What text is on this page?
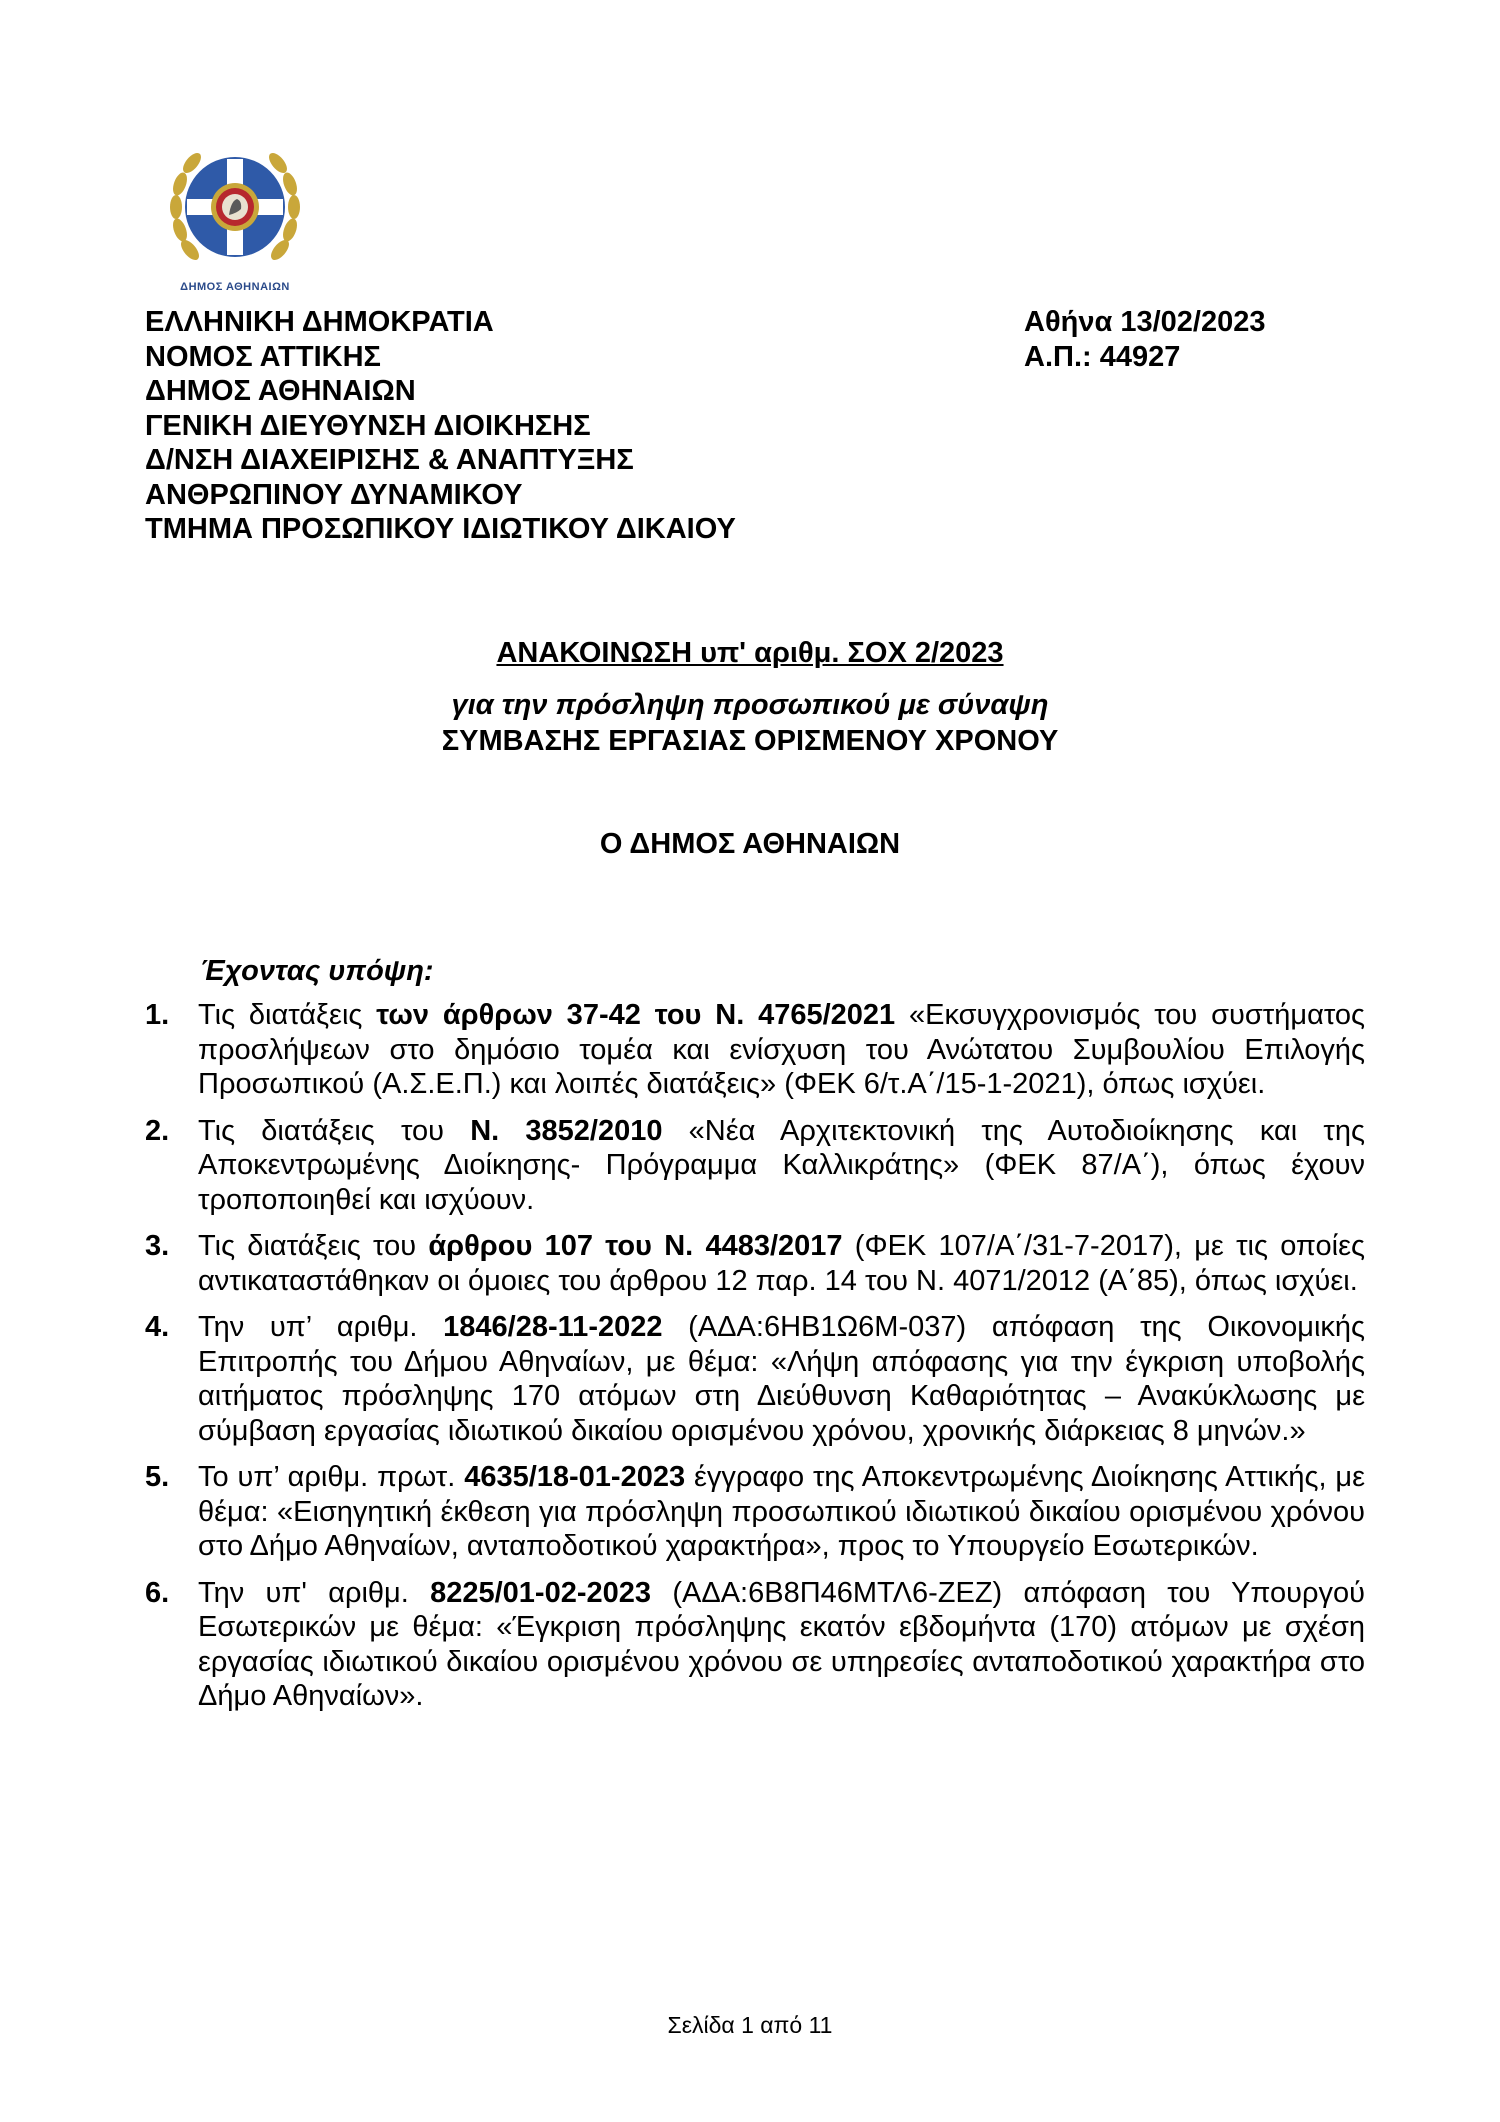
ΔΗΜΟΣ ΑΘΗΝΑΙΩΝ
ΕΛΛΗΝΙΚΗ ΔΗΜΟΚΡΑΤΙΑ
ΝΟΜΟΣ ΑΤΤΙΚΗΣ
ΔΗΜΟΣ ΑΘΗΝΑΙΩΝ
ΓΕΝΙΚΗ ΔΙΕΥΘΥΝΣΗ ΔΙΟΙΚΗΣΗΣ
Δ/ΝΣΗ ΔΙΑΧΕΙΡΙΣΗΣ & ΑΝΑΠΤΥΞΗΣ
ΑΝΘΡΩΠΙΝΟΥ ΔΥΝΑΜΙΚΟΥ
ΤΜΗΜΑ ΠΡΟΣΩΠΙΚΟΥ ΙΔΙΩΤΙΚΟΥ ΔΙΚΑΙΟΥ
Αθήνα 13/02/2023
Α.Π.: 44927
ΑΝΑΚΟΙΝΩΣΗ υπ' αριθμ. ΣΟΧ 2/2023
για την πρόσληψη προσωπικού με σύναψη
ΣΥΜΒΑΣΗΣ ΕΡΓΑΣΙΑΣ ΟΡΙΣΜΕΝΟΥ ΧΡΟΝΟΥ
Ο ΔΗΜΟΣ ΑΘΗΝΑΙΩΝ
Έχοντας υπόψη:
1. Τις διατάξεις των άρθρων 37-42 του Ν. 4765/2021 «Εκσυγχρονισμός του συστήματος προσλήψεων στο δημόσιο τομέα και ενίσχυση του Ανώτατου Συμβουλίου Επιλογής Προσωπικού (Α.Σ.Ε.Π.) και λοιπές διατάξεις» (ΦΕΚ 6/τ.Α΄/15-1-2021), όπως ισχύει.
2. Τις διατάξεις του Ν. 3852/2010 «Νέα Αρχιτεκτονική της Αυτοδιοίκησης και της Αποκεντρωμένης Διοίκησης- Πρόγραμμα Καλλικράτης» (ΦΕΚ 87/Α΄), όπως έχουν τροποποιηθεί και ισχύουν.
3. Τις διατάξεις του άρθρου 107 του Ν. 4483/2017 (ΦΕΚ 107/Α΄/31-7-2017), με τις οποίες αντικαταστάθηκαν οι όμοιες του άρθρου 12 παρ. 14 του Ν. 4071/2012 (Α΄85), όπως ισχύει.
4. Την υπ’ αριθμ. 1846/28-11-2022 (ΑΔΑ:6ΗΒ1Ω6Μ-037) απόφαση της Οικονομικής Επιτροπής του Δήμου Αθηναίων, με θέμα: «Λήψη απόφασης για την έγκριση υποβολής αιτήματος πρόσληψης 170 ατόμων στη Διεύθυνση Καθαριότητας – Ανακύκλωσης με σύμβαση εργασίας ιδιωτικού δικαίου ορισμένου χρόνου, χρονικής διάρκειας 8 μηνών.»
5. Το υπ’ αριθμ. πρωτ. 4635/18-01-2023 έγγραφο της Αποκεντρωμένης Διοίκησης Αττικής, με θέμα: «Εισηγητική έκθεση για πρόσληψη προσωπικού ιδιωτικού δικαίου ορισμένου χρόνου στο Δήμο Αθηναίων, ανταποδοτικού χαρακτήρα», προς το Υπουργείο Εσωτερικών.
6. Την υπ' αριθμ. 8225/01-02-2023 (ΑΔΑ:6Β8Π46ΜΤΛ6-ΖΕΖ) απόφαση του Υπουργού Εσωτερικών με θέμα: «Έγκριση πρόσληψης εκατόν εβδομήντα (170) ατόμων με σχέση εργασίας ιδιωτικού δικαίου ορισμένου χρόνου σε υπηρεσίες ανταποδοτικού χαρακτήρα στο Δήμο Αθηναίων».
Σελίδα 1 από 11
